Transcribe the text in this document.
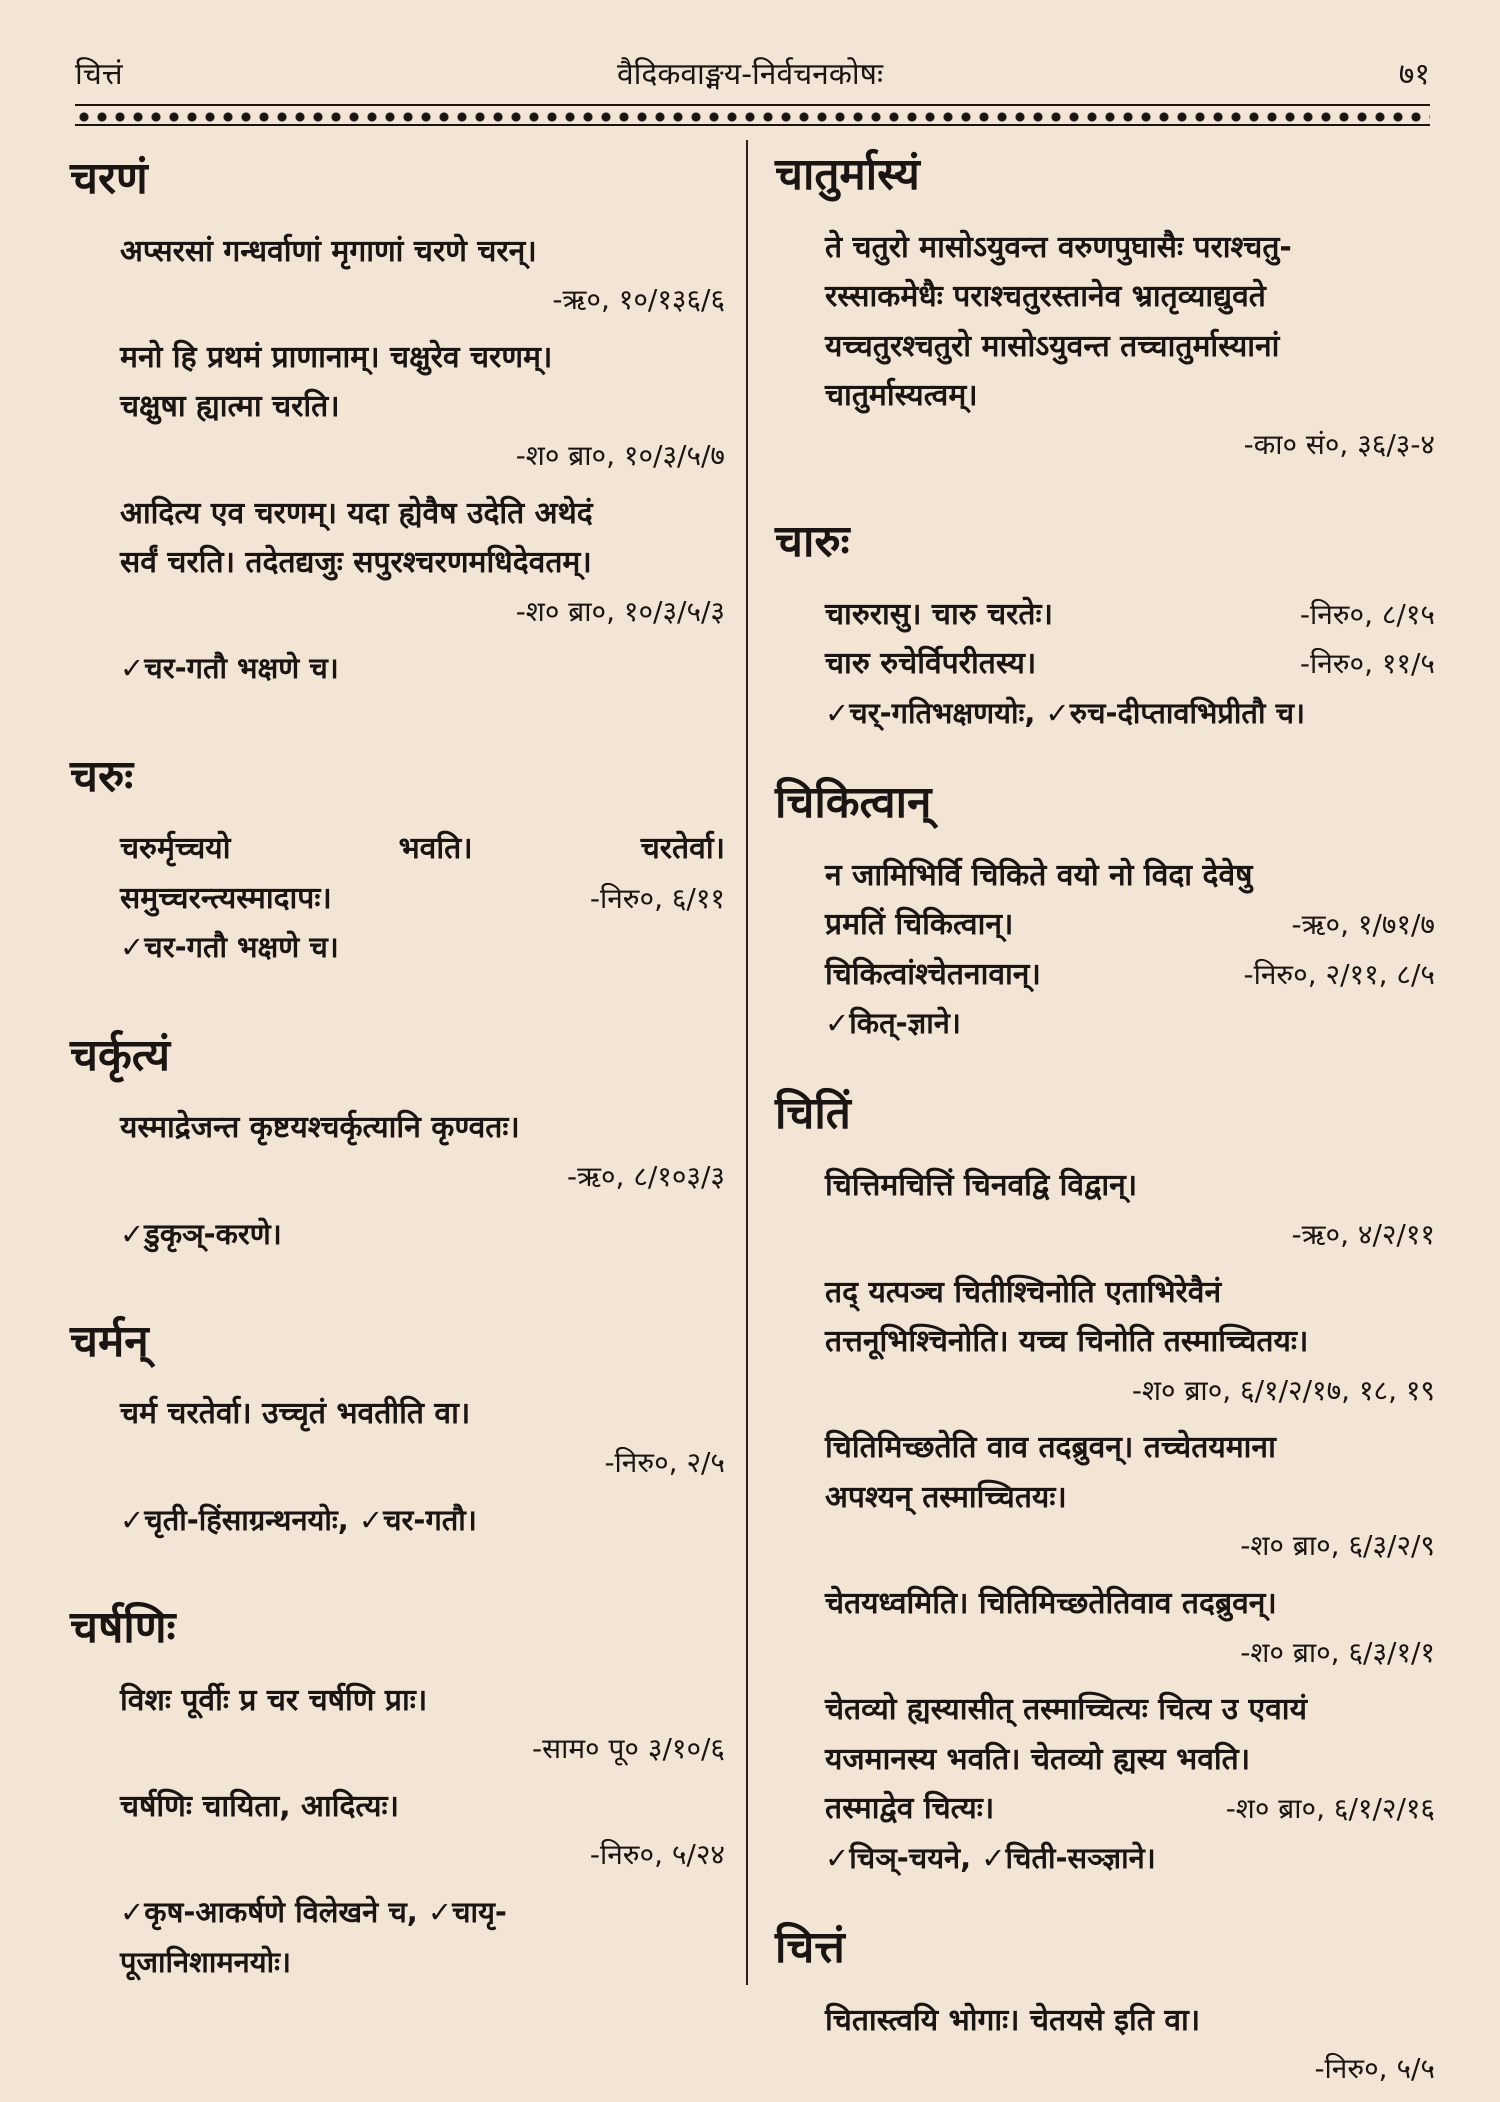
चित्तं	वैदिकवाङ्मय-निर्वचनकोषः	७१
चरणं
अप्सरसां गन्धर्वाणां मृगाणां चरणे चरन्।
-ऋ०, १०/१३६/६
मनो हि प्रथमं प्राणानाम्। चक्षुरेव चरणम्।
चक्षुषा ह्यात्मा चरति।
-श० ब्रा०, १०/३/५/७
आदित्य एव चरणम्। यदा ह्येवैष उदेति अथेदं
सर्वं चरति। तदेतद्यजुः सपुरश्चरणमधिदेवतम्।
-श० ब्रा०, १०/३/५/३
✓चर-गतौ भक्षणे च।
चरुः
चरुर्मृच्चयो	भवति।	चरतेर्वा।
समुच्चरन्त्यस्मादापः।	-निरु०, ६/११
✓चर-गतौ भक्षणे च।
चर्कृत्यं
यस्माद्रेजन्त कृष्टयश्चर्कृत्यानि कृण्वतः।
-ऋ०, ८/१०३/३
✓डुकृञ्-करणे।
चर्मन्
चर्म चरतेर्वा। उच्चृतं भवतीति वा।
-निरु०, २/५
✓चृती-हिंसाग्रन्थनयोः, ✓चर-गतौ।
चर्षणिः
विशः पूर्वीः प्र चर चर्षणि प्राः।
-साम० पू० ३/१०/६
चर्षणिः चायिता, आदित्यः।
-निरु०, ५/२४
✓कृष-आकर्षणे विलेखने च, ✓चायृ-
पूजानिशामनयोः।
चातुर्मास्यं
ते चतुरो मासोऽयुवन्त वरुणपुघासैः पराश्चतु-
रस्साकमेधैः पराश्चतुरस्तानेव भ्रातृव्याद्युवते
यच्चतुरश्चतुरो मासोऽयुवन्त तच्चातुर्मास्यानां
चातुर्मास्यत्वम्।
-का० सं०, ३६/३-४
चारुः
चारुरासु। चारु चरतेः।	-निरु०, ८/१५
चारु रुचेर्विपरीतस्य।	-निरु०, ११/५
✓चर्-गतिभक्षणयोः, ✓रुच-दीप्तावभिप्रीतौ च।
चिकित्वान्
न जामिभिर्वि चिकिते वयो नो विदा देवेषु
प्रमतिं चिकित्वान्।	-ऋ०, १/७१/७
चिकित्वांश्चेतनावान्।	-निरु०, २/११, ८/५
✓कित्-ज्ञाने।
चितिं
चित्तिमचित्तिं चिनवद्वि विद्वान्।
-ऋ०, ४/२/११
तद् यत्पञ्च चितीश्चिनोति एताभिरेवैनं
तत्तनूभिश्चिनोति। यच्च चिनोति तस्माच्चितयः।
-श० ब्रा०, ६/१/२/१७, १८, १९
चितिमिच्छतेति वाव तदब्रुवन्। तच्चेतयमाना
अपश्यन् तस्माच्चितयः।
-श० ब्रा०, ६/३/२/९
चेतयध्वमिति। चितिमिच्छतेतिवाव तदब्रुवन्।
-श० ब्रा०, ६/३/१/१
चेतव्यो ह्यस्यासीत् तस्माच्चित्यः चित्य उ एवायं
यजमानस्य भवति। चेतव्यो ह्यस्य भवति।
तस्माद्वेव चित्यः।	-श० ब्रा०, ६/१/२/१६
✓चिञ्-चयने, ✓चिती-सञ्ज्ञाने।
चित्तं
चितास्त्वयि भोगाः। चेतयसे इति वा।
-निरु०, ५/५
